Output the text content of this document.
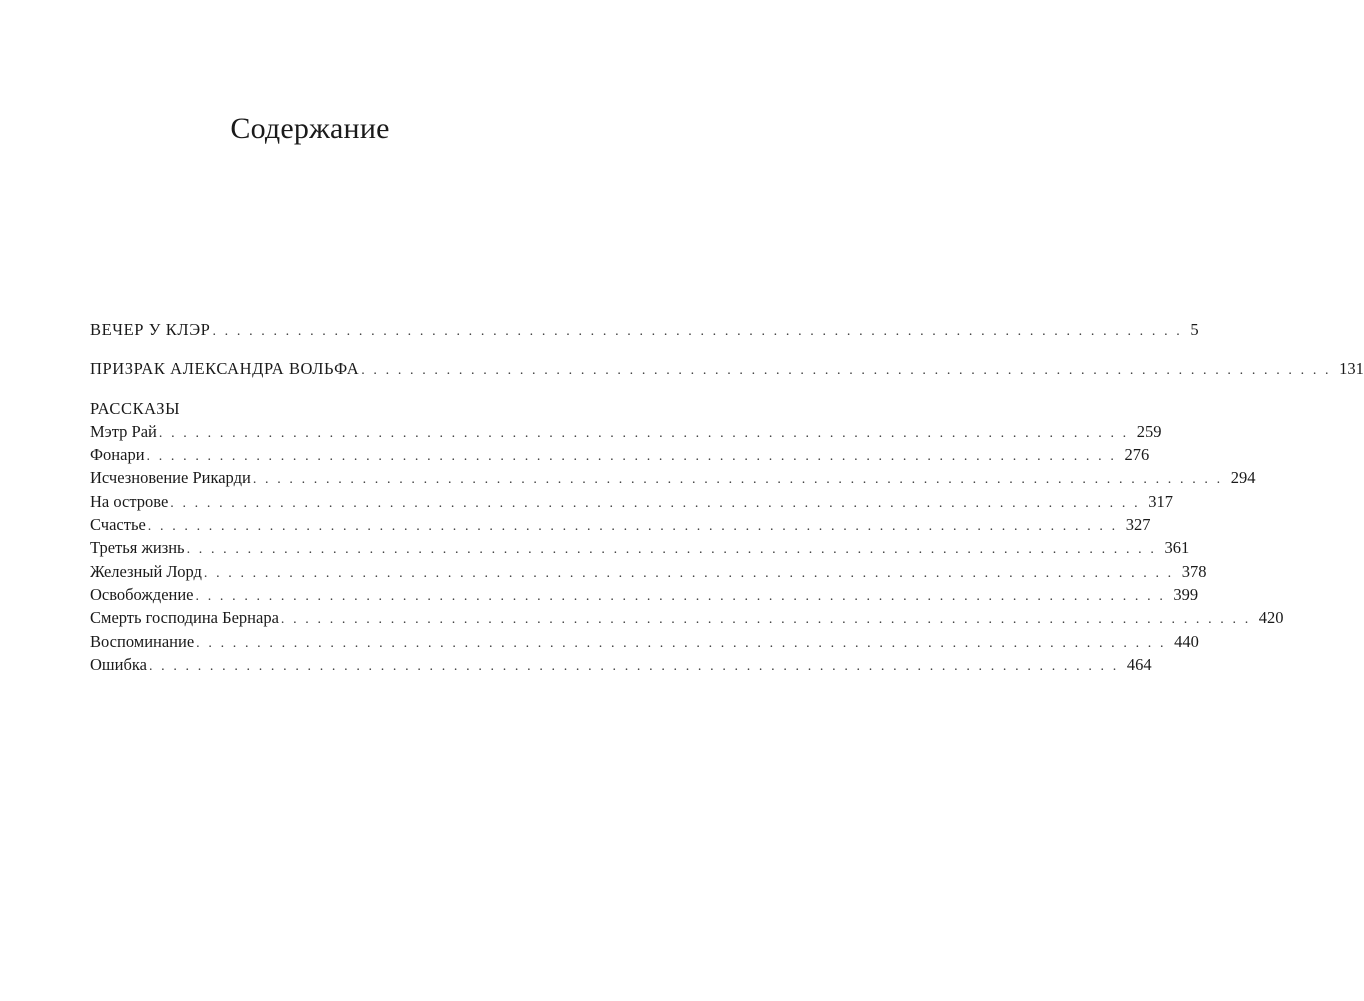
Содержание
ВЕЧЕР У КЛЭР . . . . . . . . . . . . . . . . . . . . . . . . . . . . . . . . . . . . . . . . . . . . . . . . . . . . . . . . . . . . . . . . . . . . . . . . . . . . . . . . 5
ПРИЗРАК АЛЕКСАНДРА ВОЛЬФА . . . . . . . . . . . . . . . . . . . . . . . . . . . . . . . . . . . . . . . . . . . . . . . . . . . . . . . . . . . . . . . . . . . . . . . . . . . . . . . . 131
РАССКАЗЫ
Мэтр Рай . . . . . . . . . . . . . . . . . . . . . . . . . . . . . . . . . . . . . . . . . . . . . . . . . . . . . . . . . . . . . . . . . . . . . . . . . . . . . . . . 259
Фонари . . . . . . . . . . . . . . . . . . . . . . . . . . . . . . . . . . . . . . . . . . . . . . . . . . . . . . . . . . . . . . . . . . . . . . . . . . . . . . . . 276
Исчезновение Рикарди . . . . . . . . . . . . . . . . . . . . . . . . . . . . . . . . . . . . . . . . . . . . . . . . . . . . . . . . . . . . . . . . . . . . . . . . . . . . . . . . 294
На острове . . . . . . . . . . . . . . . . . . . . . . . . . . . . . . . . . . . . . . . . . . . . . . . . . . . . . . . . . . . . . . . . . . . . . . . . . . . . . . . . 317
Счастье . . . . . . . . . . . . . . . . . . . . . . . . . . . . . . . . . . . . . . . . . . . . . . . . . . . . . . . . . . . . . . . . . . . . . . . . . . . . . . . . 327
Третья жизнь . . . . . . . . . . . . . . . . . . . . . . . . . . . . . . . . . . . . . . . . . . . . . . . . . . . . . . . . . . . . . . . . . . . . . . . . . . . . . . . . 361
Железный Лорд . . . . . . . . . . . . . . . . . . . . . . . . . . . . . . . . . . . . . . . . . . . . . . . . . . . . . . . . . . . . . . . . . . . . . . . . . . . . . . . . 378
Освобождение . . . . . . . . . . . . . . . . . . . . . . . . . . . . . . . . . . . . . . . . . . . . . . . . . . . . . . . . . . . . . . . . . . . . . . . . . . . . . . . . 399
Смерть господина Бернара . . . . . . . . . . . . . . . . . . . . . . . . . . . . . . . . . . . . . . . . . . . . . . . . . . . . . . . . . . . . . . . . . . . . . . . . . . . . . . . . 420
Воспоминание . . . . . . . . . . . . . . . . . . . . . . . . . . . . . . . . . . . . . . . . . . . . . . . . . . . . . . . . . . . . . . . . . . . . . . . . . . . . . . . . 440
Ошибка . . . . . . . . . . . . . . . . . . . . . . . . . . . . . . . . . . . . . . . . . . . . . . . . . . . . . . . . . . . . . . . . . . . . . . . . . . . . . . . . 464
